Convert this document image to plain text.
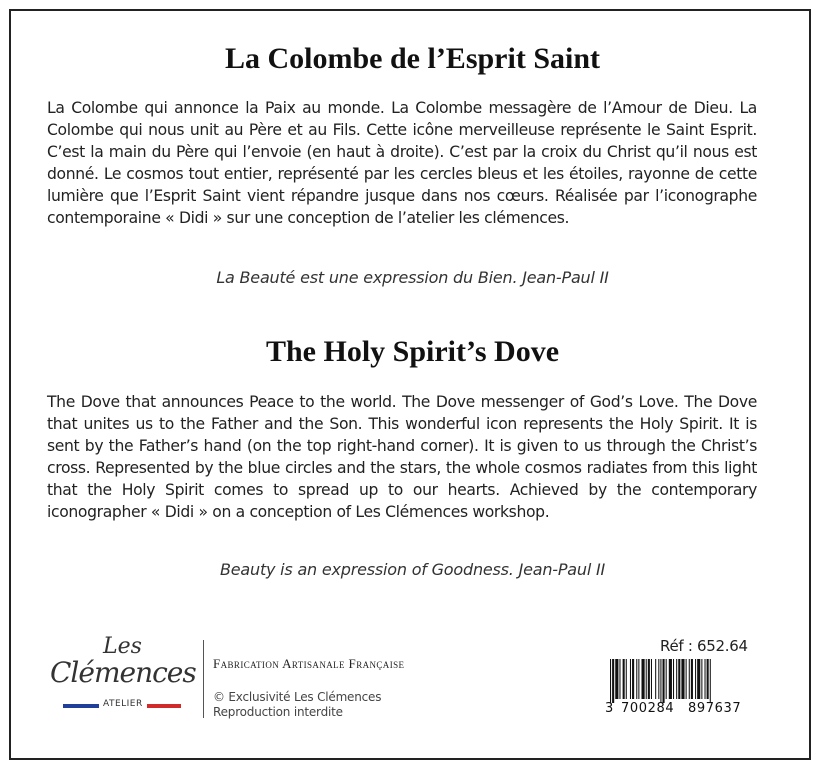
La Colombe de l’Esprit Saint

La Colombe qui annonce la Paix au monde. La Colombe messagère de l’Amour de Dieu. La Colombe qui nous unit au Père et au Fils. Cette icône merveilleuse représente le Saint Esprit. C’est la main du Père qui l’envoie (en haut à droite). C’est par la croix du Christ qu’il nous est donné. Le cosmos tout entier, représenté par les cercles bleus et les étoiles, rayonne de cette lumière que l’Esprit Saint vient répandre jusque dans nos cœurs. Réalisée par l’iconographe contemporaine « Didi » sur une conception de l’atelier les clémences.

La Beauté est une expression du Bien. Jean-Paul II
The Holy Spirit’s Dove

The Dove that announces Peace to the world. The Dove messenger of God’s Love. The Dove that unites us to the Father and the Son. This wonderful icon represents the Holy Spirit. It is sent by the Father’s hand (on the top right-hand corner). It is given to us through the Christ’s cross. Represented by the blue circles and the stars, the whole cosmos radiates from this light that the Holy Spirit comes to spread up to our hearts. Achieved by the contemporary iconographer « Didi » on a conception of Les Clémences workshop.

Beauty is an expression of Goodness. Jean-Paul II
Les
Clémences
ATELIER
Fabrication Artisanale Française
© Exclusivité Les Clémences
Reproduction interdite
Réf : 652.64
3 700284 897637
